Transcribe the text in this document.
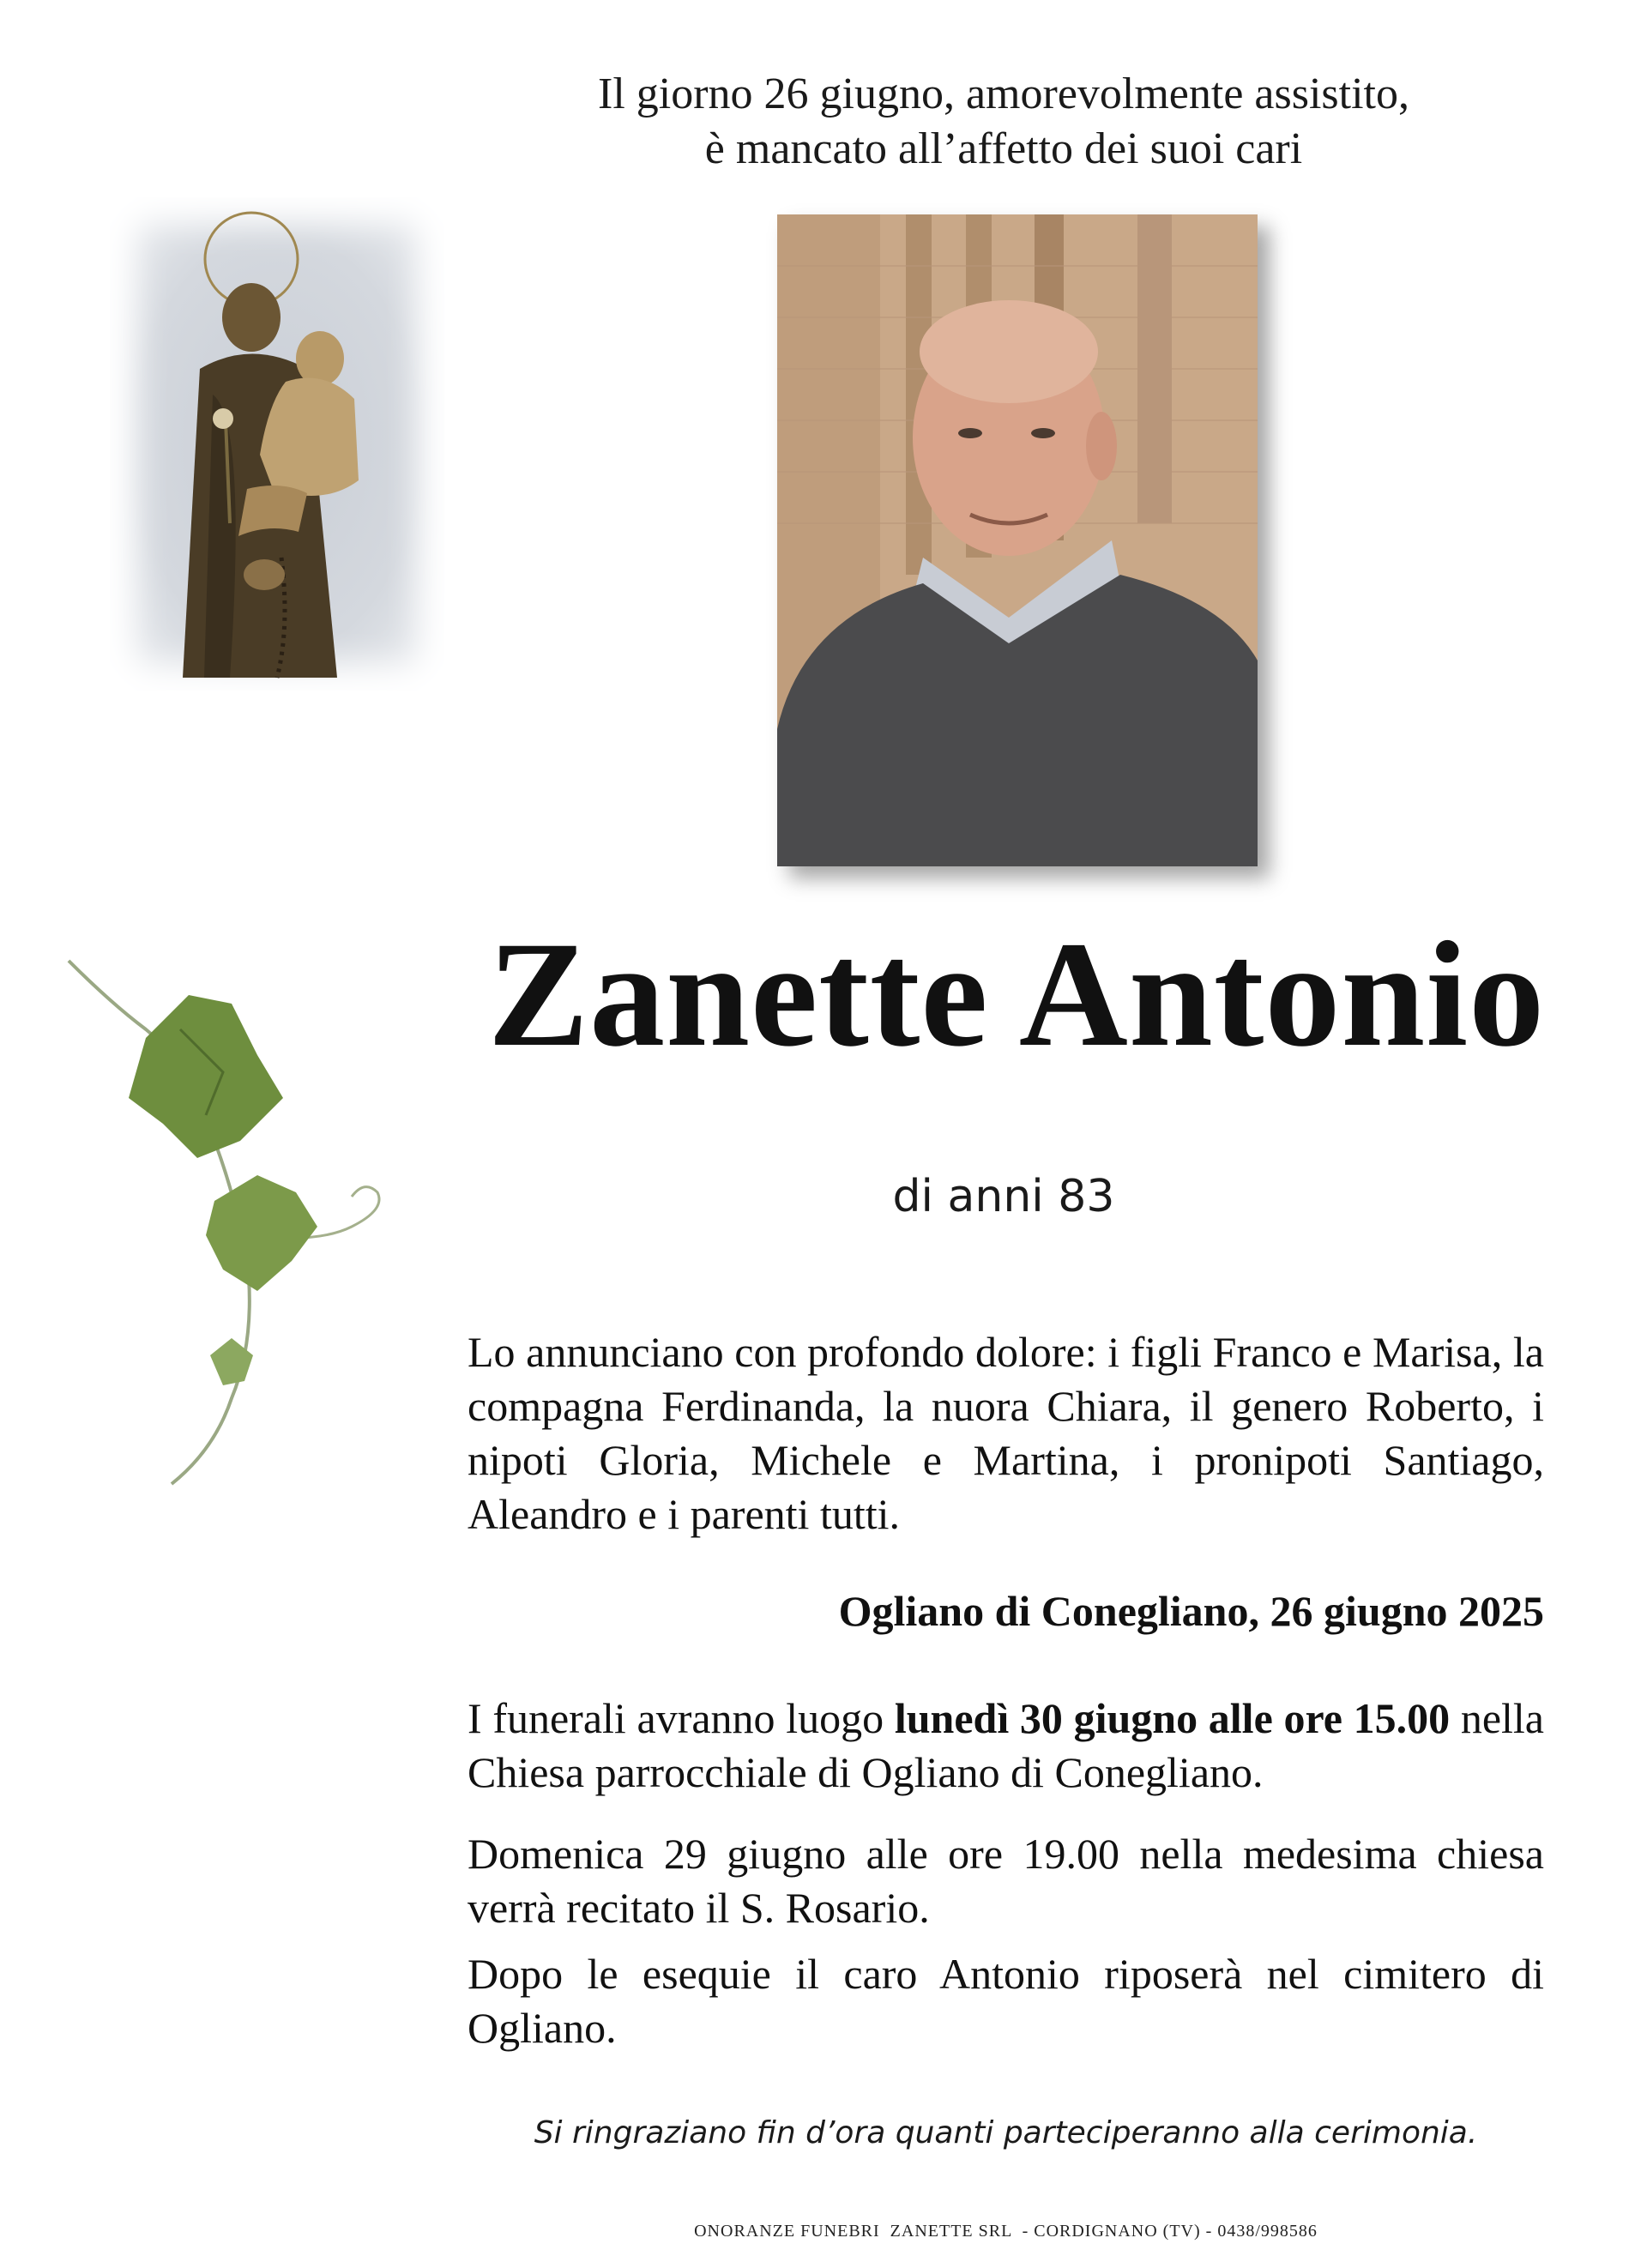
Il giorno 26 giugno, amorevolmente assistito,
è mancato all’affetto dei suoi cari
Zanette Antonio
di anni 83
Lo annunciano con profondo dolore: i figli Franco e Marisa, la compagna Ferdinanda, la nuora Chiara, il genero Roberto, i nipoti Gloria, Michele e Martina, i pronipoti Santiago, Aleandro e i parenti tutti.
Ogliano di Conegliano, 26 giugno 2025
I funerali avranno luogo lunedì 30 giugno alle ore 15.00 nella Chiesa parrocchiale di Ogliano di Conegliano.
Domenica 29 giugno alle ore 19.00 nella medesima chiesa verrà recitato il S. Rosario.
Dopo le esequie il caro Antonio riposerà nel cimitero di Ogliano.
Si ringraziano fin d’ora quanti parteciperanno alla cerimonia.
ONORANZE FUNEBRI  ZANETTE SRL  - CORDIGNANO (TV) - 0438/998586
